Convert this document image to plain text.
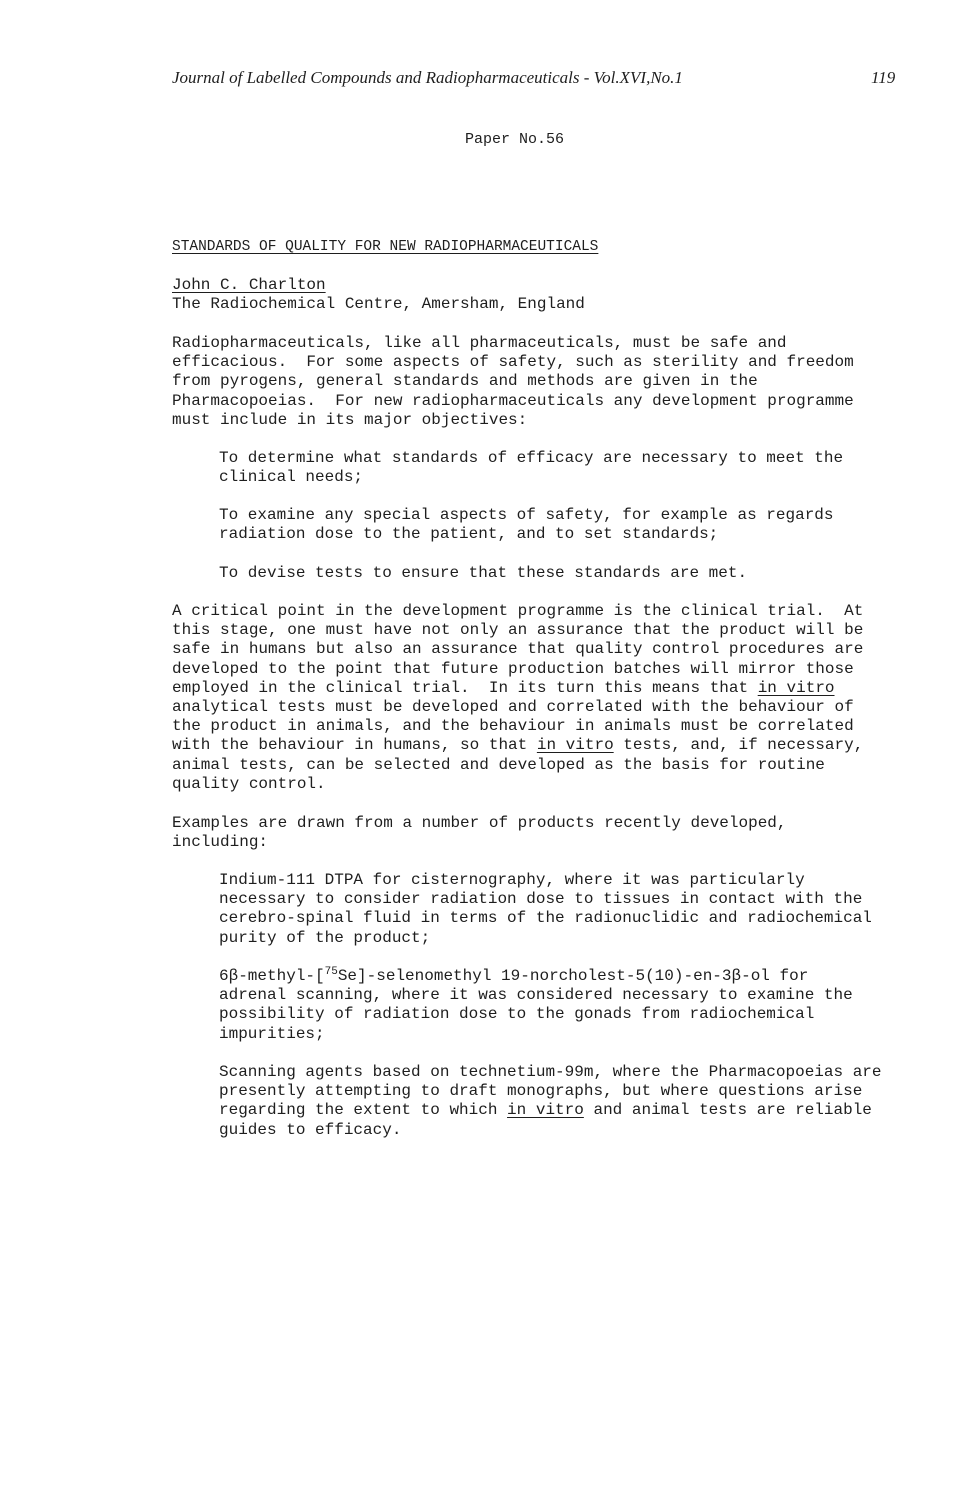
Journal of Labelled Compounds and Radiopharmaceuticals - Vol.XVI,No.1	119
Paper No.56
STANDARDS OF QUALITY FOR NEW RADIOPHARMACEUTICALS
John C. Charlton
The Radiochemical Centre, Amersham, England
Radiopharmaceuticals, like all pharmaceuticals, must be safe and
efficacious.  For some aspects of safety, such as sterility and freedom
from pyrogens, general standards and methods are given in the
Pharmacopoeias.  For new radiopharmaceuticals any development programme
must include in its major objectives:
To determine what standards of efficacy are necessary to meet the
clinical needs;
To examine any special aspects of safety, for example as regards
radiation dose to the patient, and to set standards;
To devise tests to ensure that these standards are met.
A critical point in the development programme is the clinical trial.  At
this stage, one must have not only an assurance that the product will be
safe in humans but also an assurance that quality control procedures are
developed to the point that future production batches will mirror those
employed in the clinical trial.  In its turn this means that in vitro
analytical tests must be developed and correlated with the behaviour of
the product in animals, and the behaviour in animals must be correlated
with the behaviour in humans, so that in vitro tests, and, if necessary,
animal tests, can be selected and developed as the basis for routine
quality control.
Examples are drawn from a number of products recently developed,
including:
Indium-111 DTPA for cisternography, where it was particularly
necessary to consider radiation dose to tissues in contact with the
cerebro-spinal fluid in terms of the radionuclidic and radiochemical
purity of the product;
6β-methyl-[$^{75}$Se]-selenomethyl 19-norcholest-5(10)-en-3β-ol for
adrenal scanning, where it was considered necessary to examine the
possibility of radiation dose to the gonads from radiochemical
impurities;
Scanning agents based on technetium-99m, where the Pharmacopoeias are
presently attempting to draft monographs, but where questions arise
regarding the extent to which in vitro and animal tests are reliable
guides to efficacy.
